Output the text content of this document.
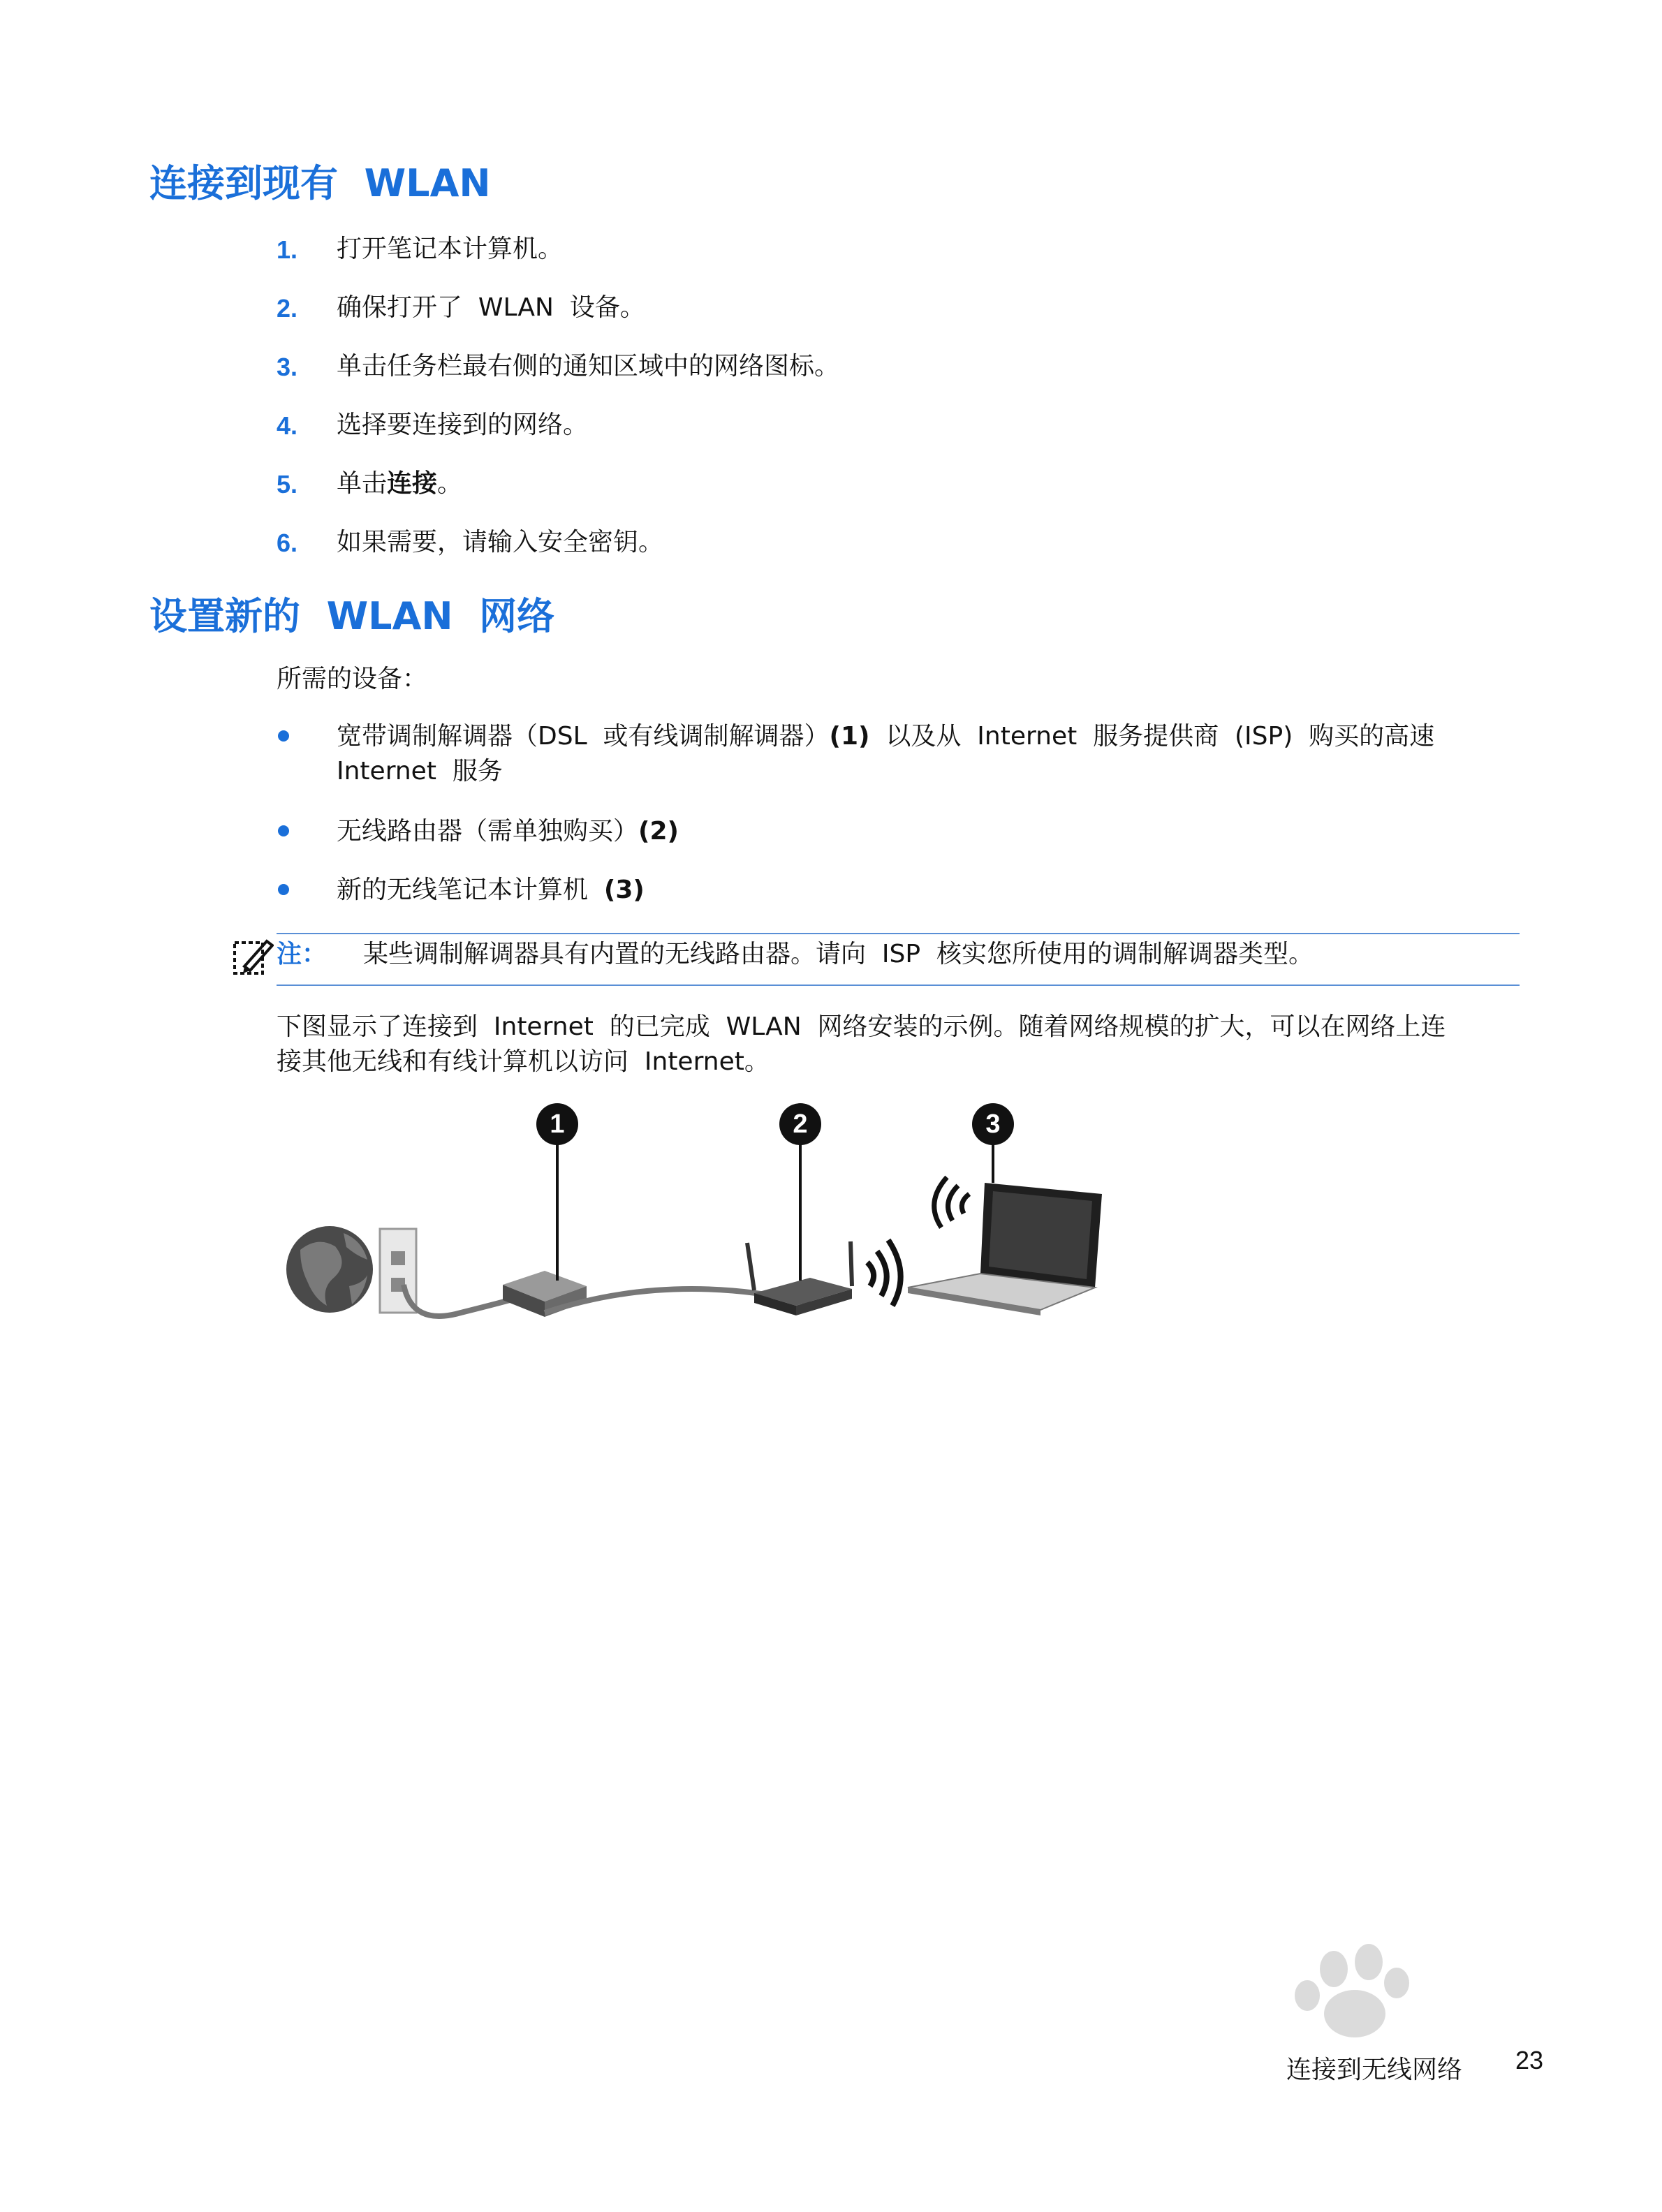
连接到现有  WLAN
1. 打开笔记本计算机。
2. 确保打开了  WLAN  设备。
3. 单击任务栏最右侧的通知区域中的网络图标。
4. 选择要连接到的网络。
5. 单击连接。
6. 如果需要，请输入安全密钥。
设置新的  WLAN  网络
所需的设备：
宽带调制解调器（DSL  或有线调制解调器）(1)  以及从  Internet  服务提供商  (ISP)  购买的高速
Internet  服务
无线路由器（需单独购买）(2)
新的无线笔记本计算机  (3)
注： 某些调制解调器具有内置的无线路由器。请向  ISP  核实您所使用的调制解调器类型。
下图显示了连接到  Internet  的已完成  WLAN  网络安装的示例。随着网络规模的扩大，可以在网络上连
接其他无线和有线计算机以访问  Internet。
1	2	3
连接到无线网络 23
